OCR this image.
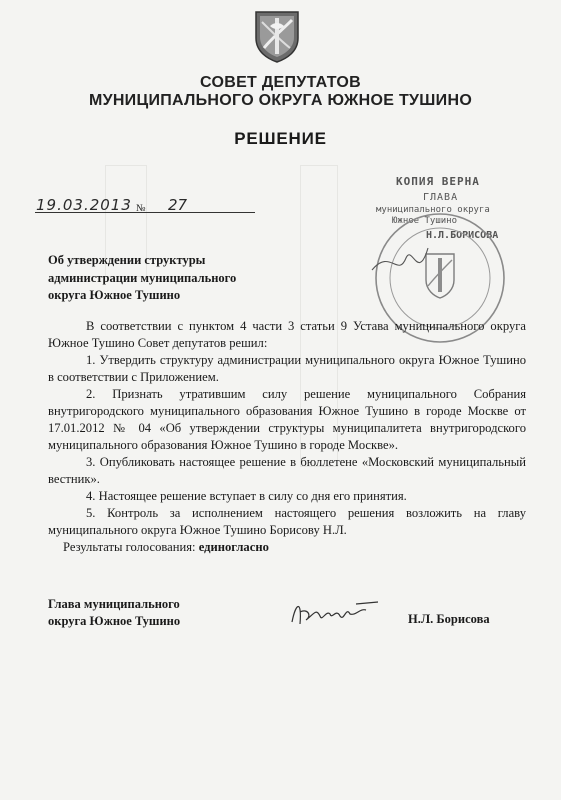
СОВЕТ ДЕПУТАТОВ
МУНИЦИПАЛЬНОГО ОКРУГА ЮЖНОЕ ТУШИНО
РЕШЕНИЕ
19.03.2013 № 27
КОПИЯ ВЕРНА
ГЛАВА
муниципального округа
Южное Тушино
Н.Л.БОРИСОВА
Об утверждении структуры
администрации муниципального
округа Южное Тушино

В соответствии с пунктом 4 части 3 статьи 9 Устава муниципального округа Южное Тушино Совет депутатов решил:

1. Утвердить структуру администрации муниципального округа Южное Тушино в соответствии с Приложением.

2. Признать утратившим силу решение муниципального Собрания внутригородского муниципального образования Южное Тушино в городе Москве от 17.01.2012 № 04 «Об утверждении структуры муниципалитета внутригородского муниципального образования Южное Тушино в городе Москве».

3. Опубликовать настоящее решение в бюллетене «Московский муниципальный вестник».

4. Настоящее решение вступает в силу со дня его принятия.

5. Контроль за исполнением настоящего решения возложить на главу муниципального округа Южное Тушино Борисову Н.Л.

Результаты голосования: единогласно

Глава муниципального
округа Южное Тушино	Н.Л. Борисова
